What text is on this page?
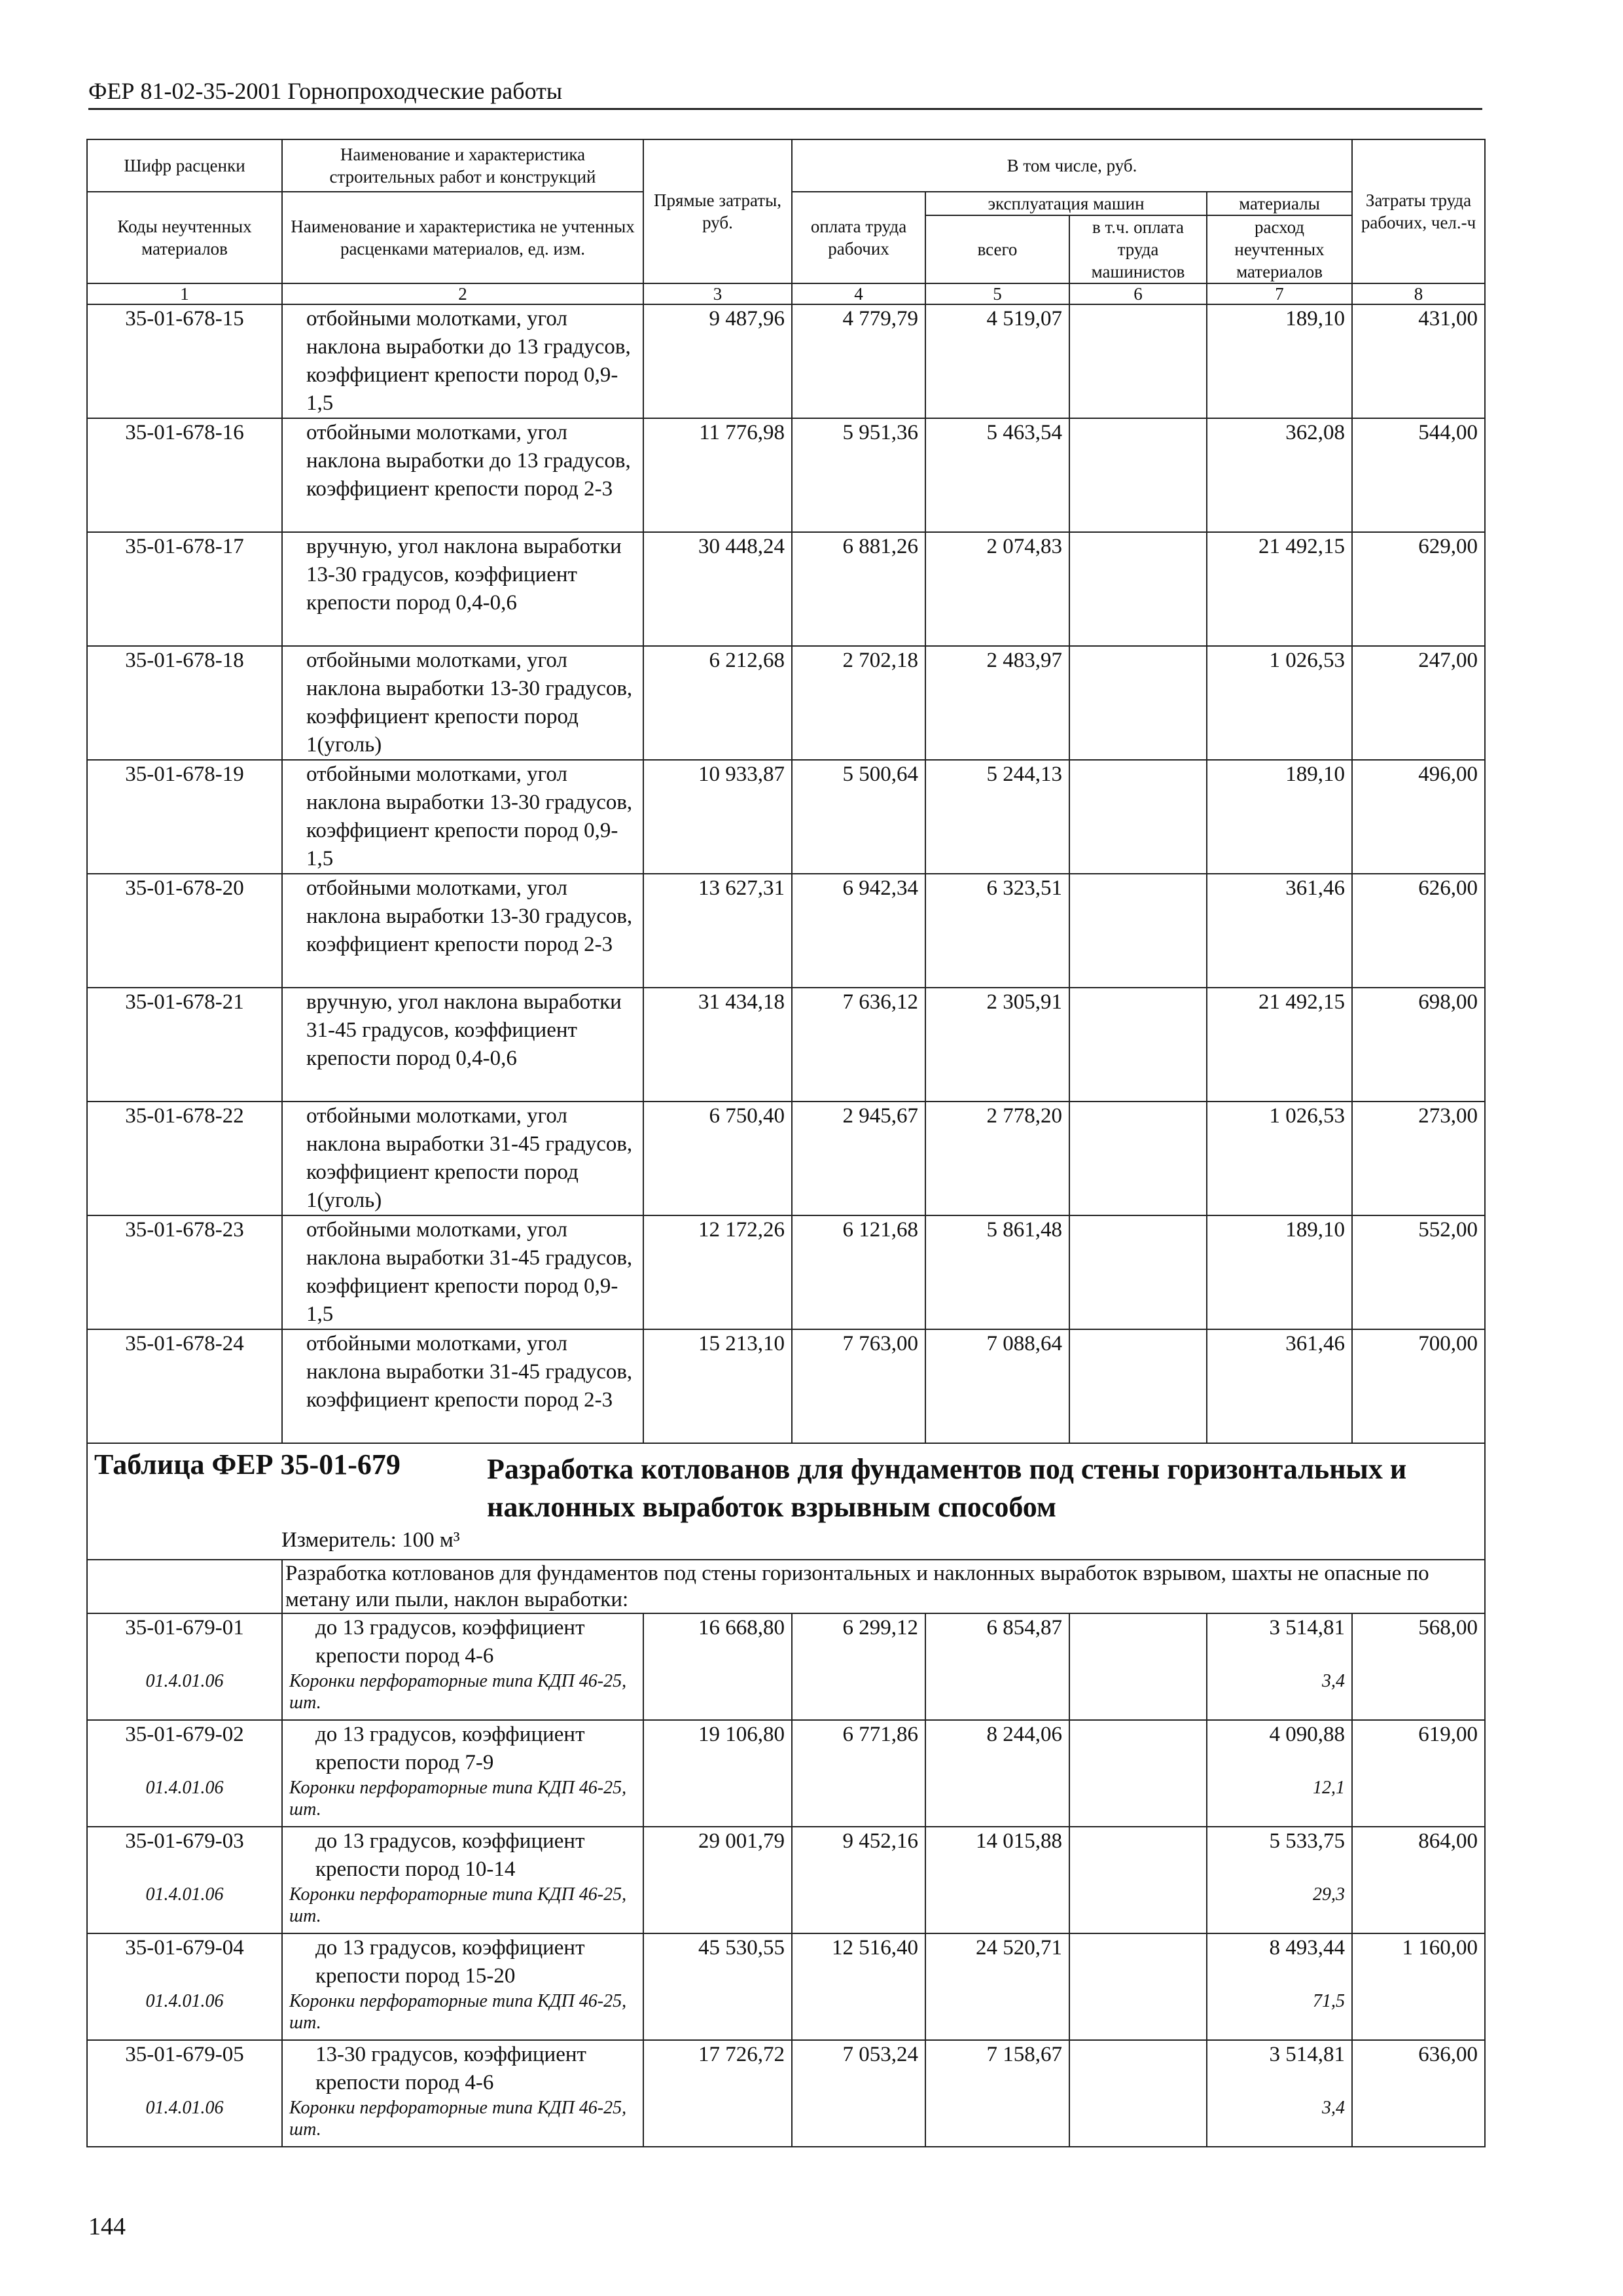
ФЕР 81-02-35-2001 Горнопроходческие работы
Шифр расценки	Наименование и характеристика строительных работ и конструкций	Прямые затраты, руб.	В том числе, руб.				Затраты труда рабочих, чел.-ч
Коды неучтенных материалов	Наименование и характеристика не учтенных расценками материалов, ед. изм.		оплата труда рабочих	эксплуатация машин		материалы	
				всего	в т.ч. оплата труда машинистов	расход неучтенных материалов	
1	2	3	4	5	6	7	8
35-01-678-15	отбойными молотками, угол наклона выработки до 13 градусов, коэффициент крепости пород 0,9-1,5	9 487,96	4 779,79	4 519,07		189,10	431,00
35-01-678-16	отбойными молотками, угол наклона выработки до 13 градусов, коэффициент крепости пород 2-3	11 776,98	5 951,36	5 463,54		362,08	544,00
35-01-678-17	вручную, угол наклона выработки 13-30 градусов, коэффициент крепости пород 0,4-0,6	30 448,24	6 881,26	2 074,83		21 492,15	629,00
35-01-678-18	отбойными молотками, угол наклона выработки 13-30 градусов, коэффициент крепости пород 1(уголь)	6 212,68	2 702,18	2 483,97		1 026,53	247,00
35-01-678-19	отбойными молотками, угол наклона выработки 13-30 градусов, коэффициент крепости пород 0,9-1,5	10 933,87	5 500,64	5 244,13		189,10	496,00
35-01-678-20	отбойными молотками, угол наклона выработки 13-30 градусов, коэффициент крепости пород 2-3	13 627,31	6 942,34	6 323,51		361,46	626,00
35-01-678-21	вручную, угол наклона выработки 31-45 градусов, коэффициент крепости пород 0,4-0,6	31 434,18	7 636,12	2 305,91		21 492,15	698,00
35-01-678-22	отбойными молотками, угол наклона выработки 31-45 градусов, коэффициент крепости пород 1(уголь)	6 750,40	2 945,67	2 778,20		1 026,53	273,00
35-01-678-23	отбойными молотками, угол наклона выработки 31-45 градусов, коэффициент крепости пород 0,9-1,5	12 172,26	6 121,68	5 861,48		189,10	552,00
35-01-678-24	отбойными молотками, угол наклона выработки 31-45 градусов, коэффициент крепости пород 2-3	15 213,10	7 763,00	7 088,64		361,46	700,00
Таблица ФЕР 35-01-679 Разработка котлованов для фундаментов под стены горизонтальных и наклонных выработок взрывным способом
Измеритель: 100 м³							
	Разработка котлованов для фундаментов под стены горизонтальных и наклонных выработок взрывом, шахты не опасные по метану или пыли, наклон выработки:						
35-01-679-01	до 13 градусов, коэффициент крепости пород 4-6	16 668,80	6 299,12	6 854,87		3 514,81	568,00
01.4.01.06	Коронки перфораторные типа КДП 46-25, шт.					3,4	
35-01-679-02	до 13 градусов, коэффициент крепости пород 7-9	19 106,80	6 771,86	8 244,06		4 090,88	619,00
01.4.01.06	Коронки перфораторные типа КДП 46-25, шт.					12,1	
35-01-679-03	до 13 градусов, коэффициент крепости пород 10-14	29 001,79	9 452,16	14 015,88		5 533,75	864,00
01.4.01.06	Коронки перфораторные типа КДП 46-25, шт.					29,3	
35-01-679-04	до 13 градусов, коэффициент крепости пород 15-20	45 530,55	12 516,40	24 520,71		8 493,44	1 160,00
01.4.01.06	Коронки перфораторные типа КДП 46-25, шт.					71,5	
35-01-679-05	13-30 градусов, коэффициент крепости пород 4-6	17 726,72	7 053,24	7 158,67		3 514,81	636,00
01.4.01.06	Коронки перфораторные типа КДП 46-25, шт.					3,4	
144
